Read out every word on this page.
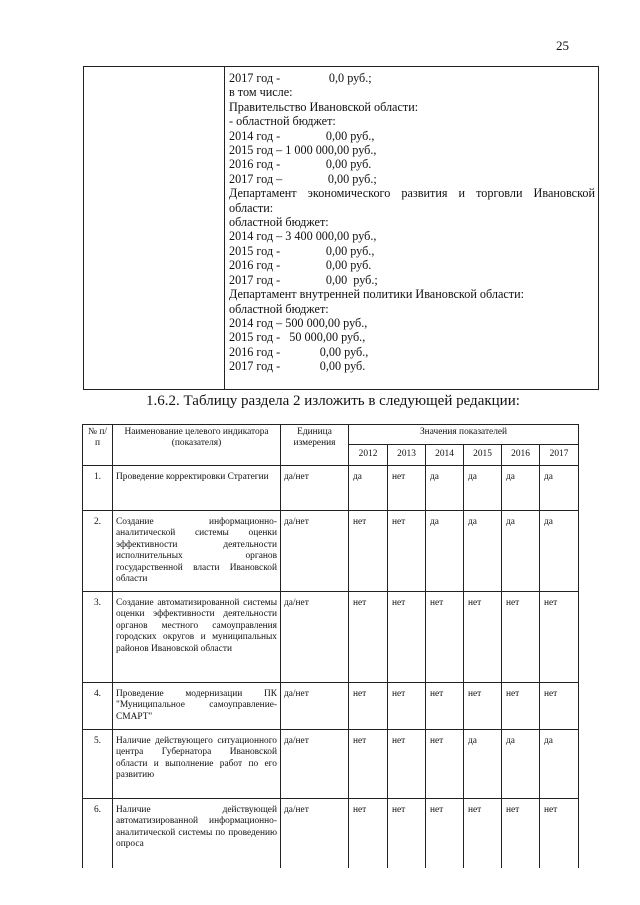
25
2017 год -                0,0 руб.;
в том числе:
Правительство Ивановской области:
- областной бюджет:
2014 год -               0,00 руб.,
2015 год – 1 000 000,00 руб.,
2016 год -               0,00 руб.
2017 год –               0,00 руб.;
Департамент экономического развития и торговли Ивановской
области:
областной бюджет:
2014 год – 3 400 000,00 руб.,
2015 год -               0,00 руб.,
2016 год -               0,00 руб.
2017 год -               0,00  руб.;
Департамент внутренней политики Ивановской области:
областной бюджет:
2014 год – 500 000,00 руб.,
2015 год -   50 000,00 руб.,
2016 год -             0,00 руб.,
2017 год -             0,00 руб.
1.6.2. Таблицу раздела 2 изложить в следующей редакции:
№ п/п	Наименование целевого индикатора (показателя)	Единица измерения	Значения показателей					
			2012	2013	2014	2015	2016	2017
1.	Проведение корректировки Стратегии	да/нет	да	нет	да	да	да	да
2.	Создание информационно-аналитической системы оценки эффективности деятельности исполнительных органов государственной власти Ивановской области	да/нет	нет	нет	да	да	да	да
3.	Создание автоматизированной системы оценки эффективности деятельности органов местного самоуправления городских округов и муниципальных районов Ивановской области	да/нет	нет	нет	нет	нет	нет	нет
4.	Проведение модернизации ПК "Муниципальное самоуправление-СМАРТ"	да/нет	нет	нет	нет	нет	нет	нет
5.	Наличие действующего ситуационного центра Губернатора Ивановской области и выполнение работ по его развитию	да/нет	нет	нет	нет	да	да	да
6.	Наличие действующей автоматизированной информационно-аналитической системы по проведению опроса	да/нет	нет	нет	нет	нет	нет	нет
